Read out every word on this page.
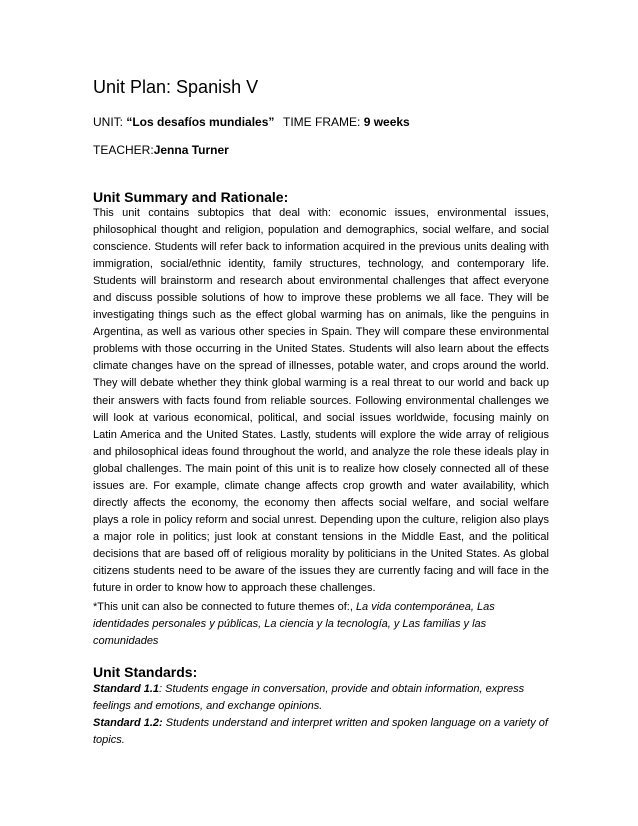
Unit Plan: Spanish V
UNIT: “Los desafíos mundiales” TIME FRAME: 9 weeks
TEACHER:Jenna Turner
Unit Summary and Rationale:
This unit contains subtopics that deal with: economic issues, environmental issues, philosophical thought and religion, population and demographics, social welfare, and social conscience. Students will refer back to information acquired in the previous units dealing with immigration, social/ethnic identity, family structures, technology, and contemporary life. Students will brainstorm and research about environmental challenges that affect everyone and discuss possible solutions of how to improve these problems we all face. They will be investigating things such as the effect global warming has on animals, like the penguins in Argentina, as well as various other species in Spain. They will compare these environmental problems with those occurring in the United States. Students will also learn about the effects climate changes have on the spread of illnesses, potable water, and crops around the world. They will debate whether they think global warming is a real threat to our world and back up their answers with facts found from reliable sources. Following environmental challenges we will look at various economical, political, and social issues worldwide, focusing mainly on Latin America and the United States. Lastly, students will explore the wide array of religious and philosophical ideas found throughout the world, and analyze the role these ideals play in global challenges. The main point of this unit is to realize how closely connected all of these issues are. For example, climate change affects crop growth and water availability, which directly affects the economy, the economy then affects social welfare, and social welfare plays a role in policy reform and social unrest. Depending upon the culture, religion also plays a major role in politics; just look at constant tensions in the Middle East, and the political decisions that are based off of religious morality by politicians in the United States. As global citizens students need to be aware of the issues they are currently facing and will face in the future in order to know how to approach these challenges.
*This unit can also be connected to future themes of:, La vida contemporánea, Las identidades personales y públicas, La ciencia y la tecnología, y Las familias y las comunidades
Unit Standards:
Standard 1.1: Students engage in conversation, provide and obtain information, express feelings and emotions, and exchange opinions.
Standard 1.2: Students understand and interpret written and spoken language on a variety of topics.
